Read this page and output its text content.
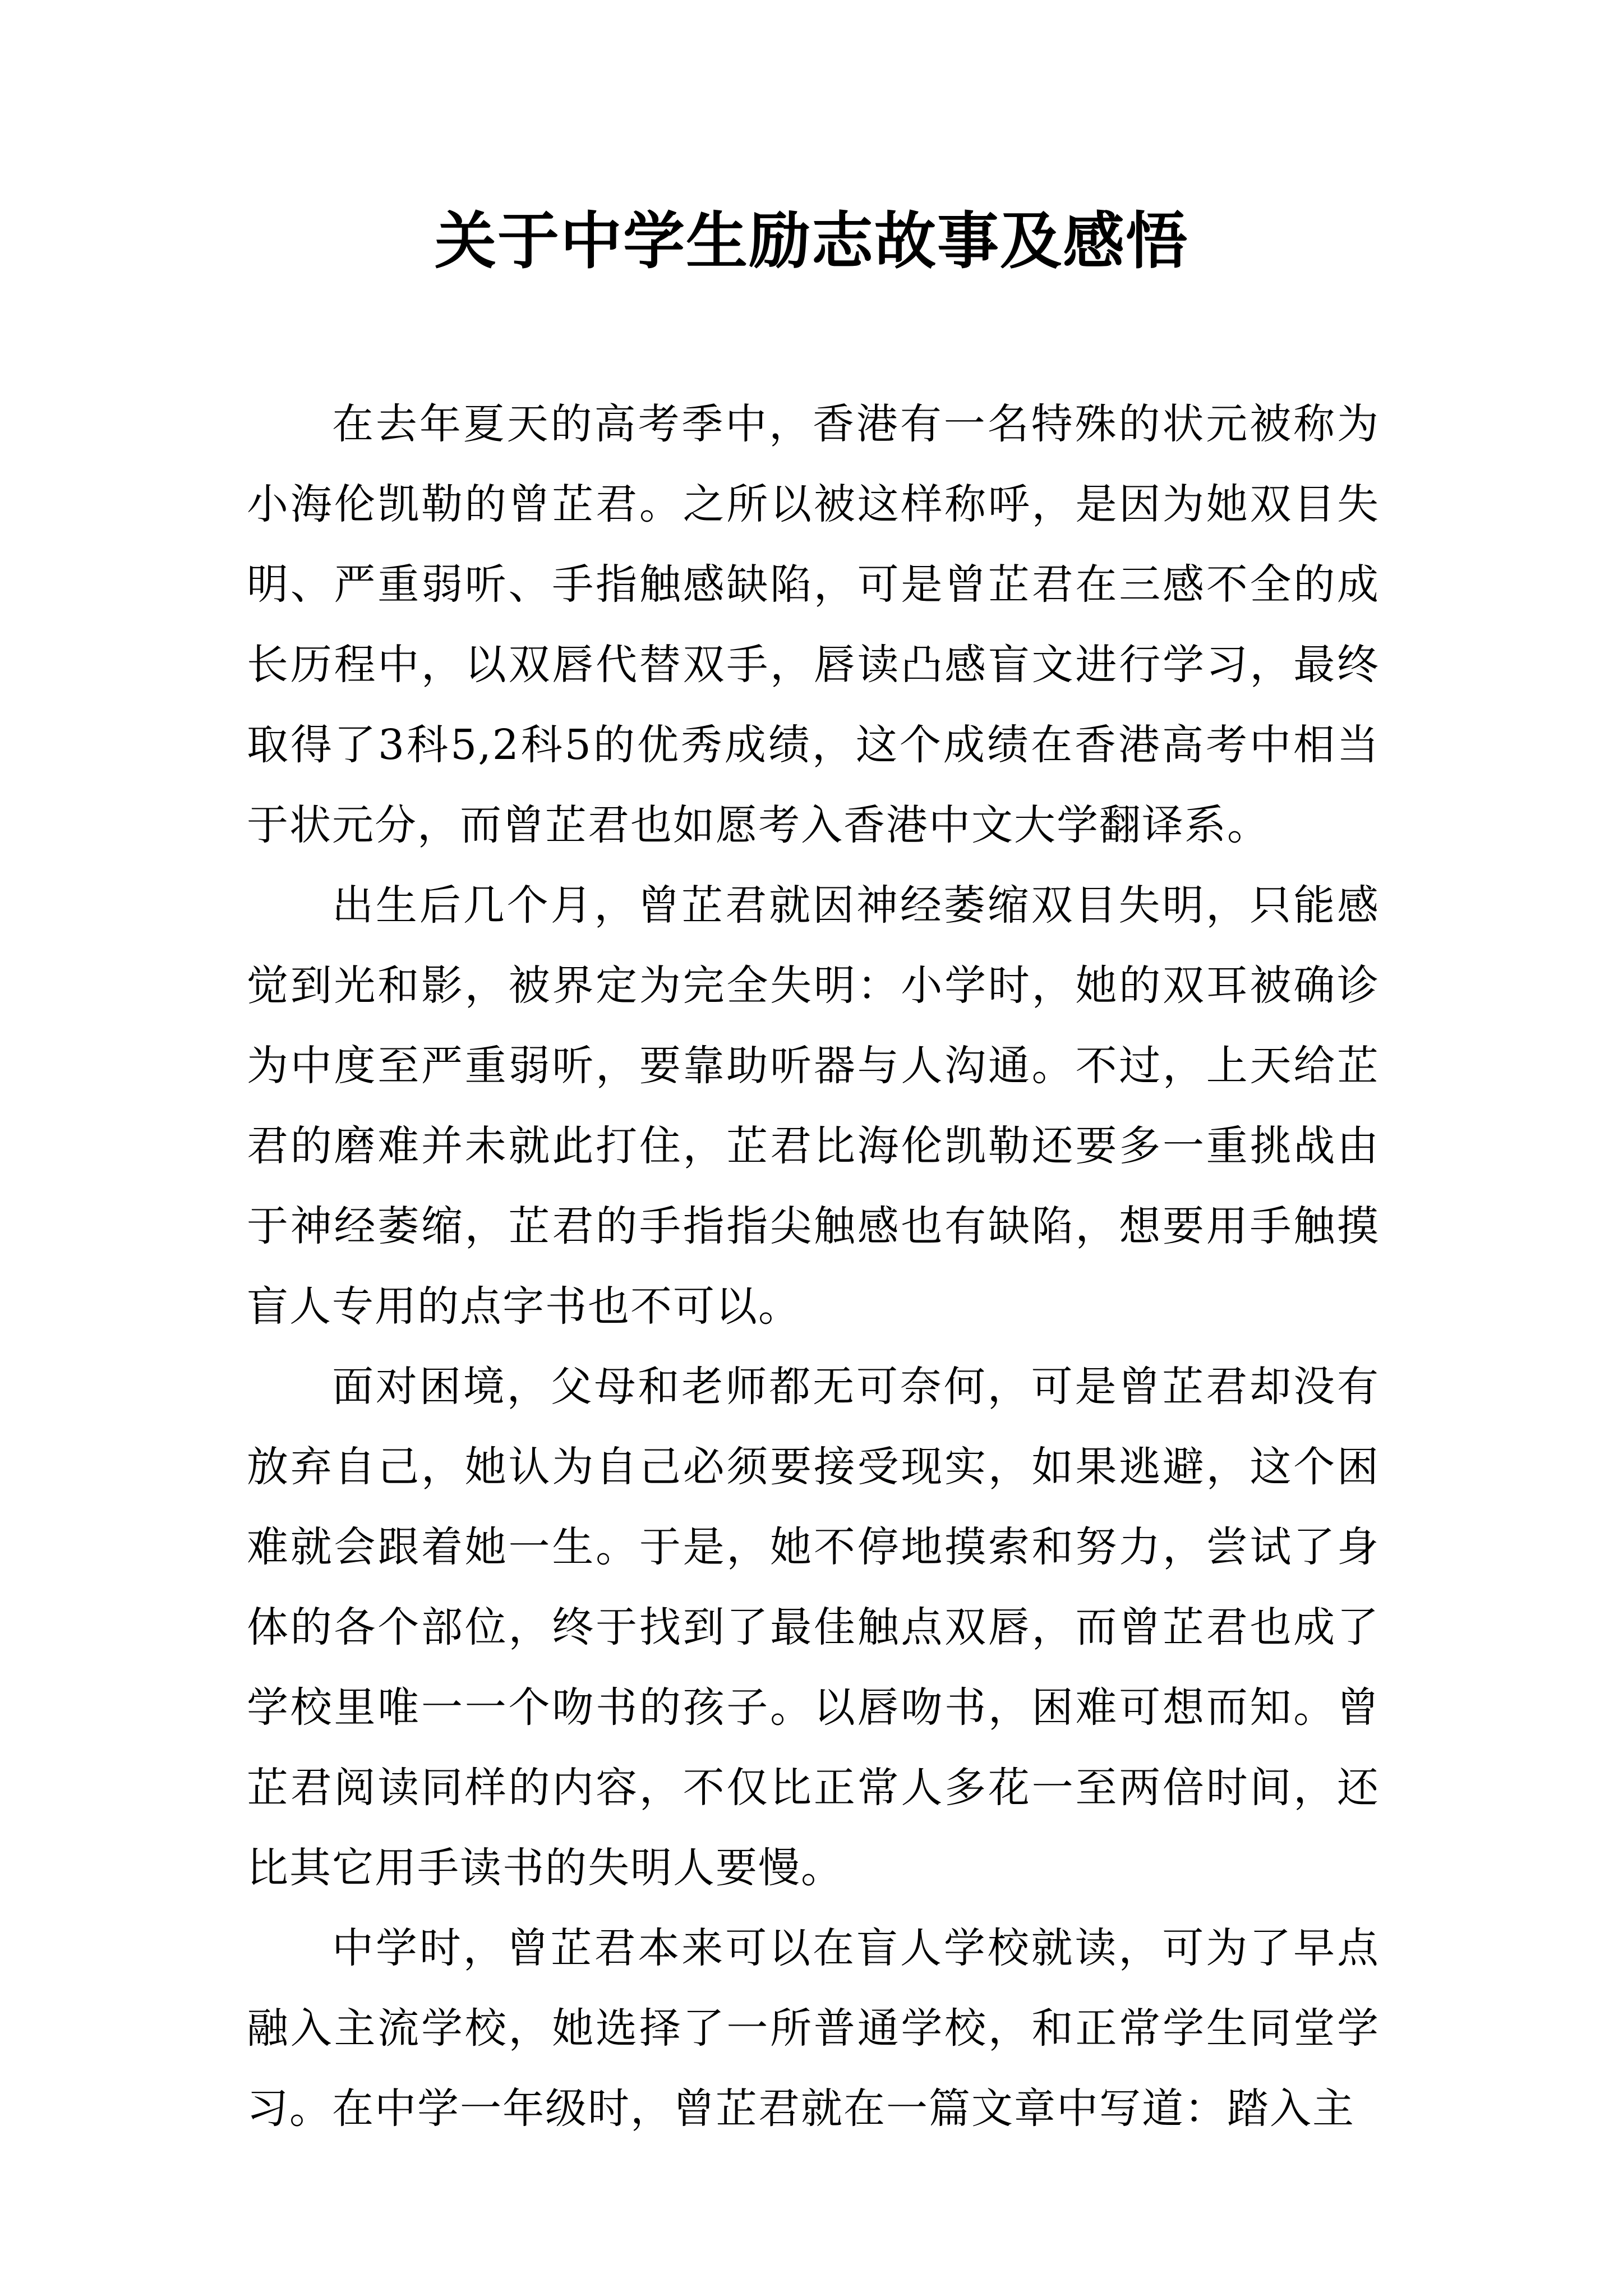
关于中学生励志故事及感悟

在去年夏天的高考季中，香港有一名特殊的状元被称为小海伦凯勒的曾芷君。之所以被这样称呼，是因为她双目失明、严重弱听、手指触感缺陷，可是曾芷君在三感不全的成长历程中，以双唇代替双手，唇读凸感盲文进行学习，最终取得了3科5,2科5的优秀成绩，这个成绩在香港高考中相当于状元分，而曾芷君也如愿考入香港中文大学翻译系。

出生后几个月，曾芷君就因神经萎缩双目失明，只能感觉到光和影，被界定为完全失明：小学时，她的双耳被确诊为中度至严重弱听，要靠助听器与人沟通。不过，上天给芷君的磨难并未就此打住，芷君比海伦凯勒还要多一重挑战由于神经萎缩，芷君的手指指尖触感也有缺陷，想要用手触摸盲人专用的点字书也不可以。

面对困境，父母和老师都无可奈何，可是曾芷君却没有放弃自己，她认为自己必须要接受现实，如果逃避，这个困难就会跟着她一生。于是，她不停地摸索和努力，尝试了身体的各个部位，终于找到了最佳触点双唇，而曾芷君也成了学校里唯一一个吻书的孩子。以唇吻书，困难可想而知。曾芷君阅读同样的内容，不仅比正常人多花一至两倍时间，还比其它用手读书的失明人要慢。

中学时，曾芷君本来可以在盲人学校就读，可为了早点融入主流学校，她选择了一所普通学校，和正常学生同堂学习。在中学一年级时，曾芷君就在一篇文章中写道：踏入主
